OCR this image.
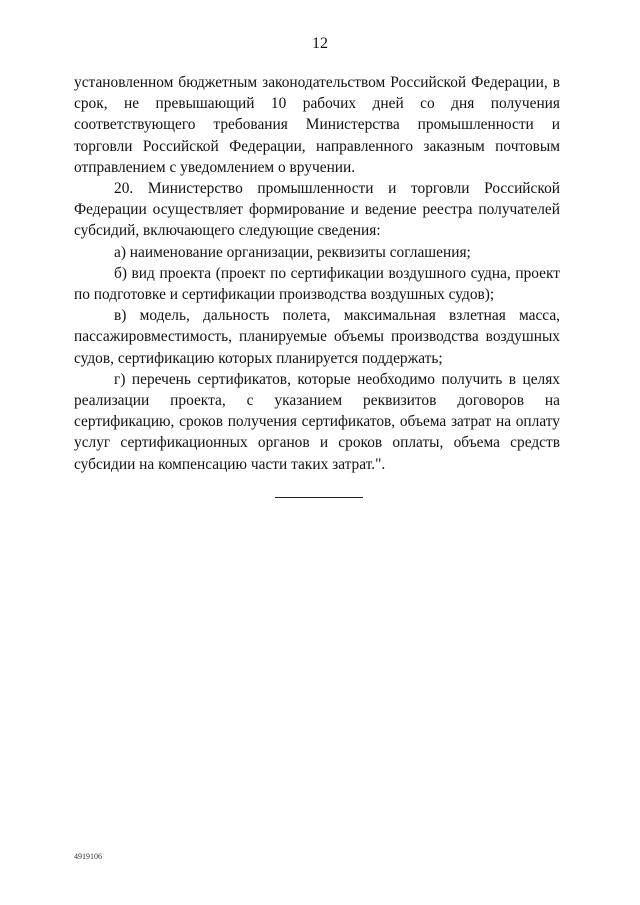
12

установленном бюджетным законодательством Российской Федерации, в срок, не превышающий 10 рабочих дней со дня получения соответствующего требования Министерства промышленности и торговли Российской Федерации, направленного заказным почтовым отправлением с уведомлением о вручении.

20. Министерство промышленности и торговли Российской Федерации осуществляет формирование и ведение реестра получателей субсидий, включающего следующие сведения:

а) наименование организации, реквизиты соглашения;

б) вид проекта (проект по сертификации воздушного судна, проект по подготовке и сертификации производства воздушных судов);

в) модель, дальность полета, максимальная взлетная масса, пассажировместимость, планируемые объемы производства воздушных судов, сертификацию которых планируется поддержать;

г) перечень сертификатов, которые необходимо получить в целях реализации проекта, с указанием реквизитов договоров на сертификацию, сроков получения сертификатов, объема затрат на оплату услуг сертификационных органов и сроков оплаты, объема средств субсидии на компенсацию части таких затрат.".

4919106
